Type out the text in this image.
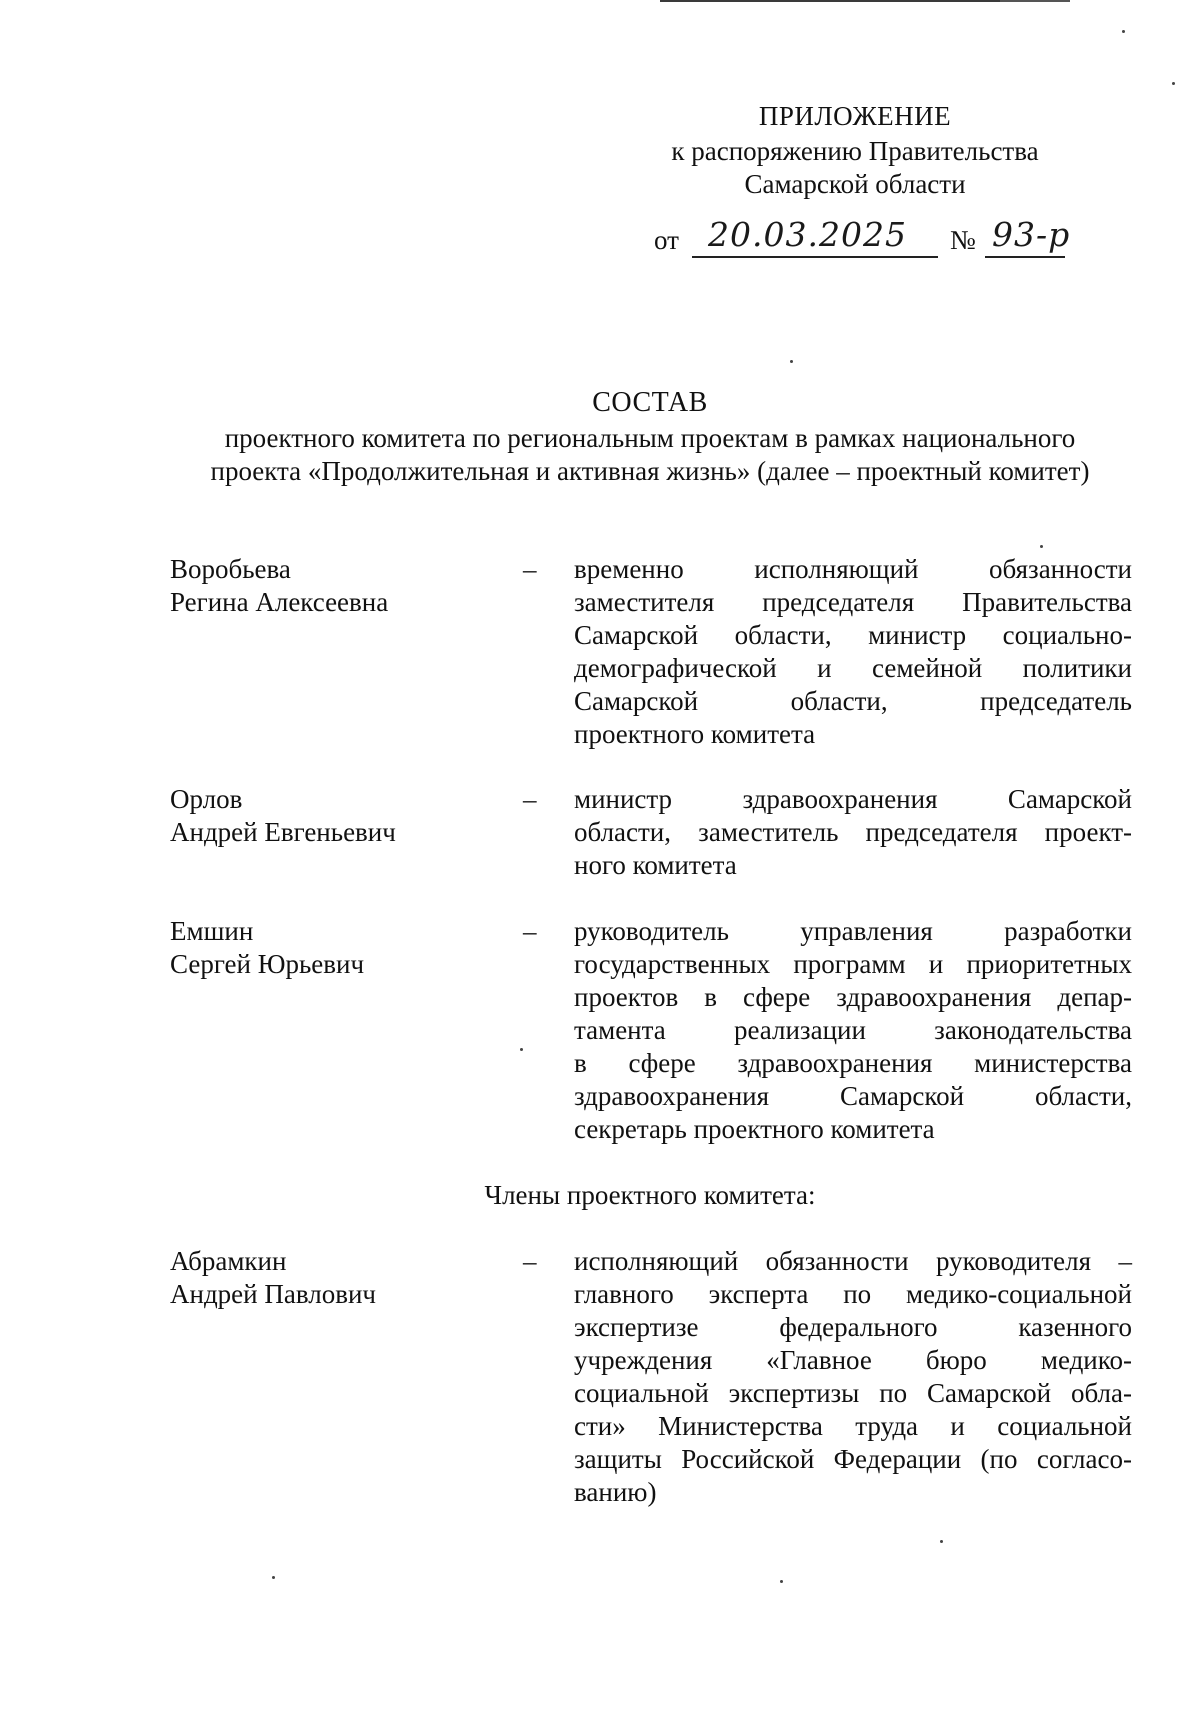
ПРИЛОЖЕНИЕ
к распоряжению Правительства
Самарской области
от 20.03.2025 № 93-р
СОСТАВ
проектного комитета по региональным проектам в рамках национального
проекта «Продолжительная и активная жизнь» (далее – проектный комитет)
Воробьева
Регина Алексеевна
– временно исполняющий обязанности
заместителя председателя Правительства
Самарской области, министр социально-
демографической и семейной политики
Самарской области, председатель
проектного комитета
Орлов
Андрей Евгеньевич
– министр здравоохранения Самарской
области, заместитель председателя проект-
ного комитета
Емшин
Сергей Юрьевич
– руководитель управления разработки
государственных программ и приоритетных
проектов в сфере здравоохранения депар-
тамента реализации законодательства
в сфере здравоохранения министерства
здравоохранения Самарской области,
секретарь проектного комитета
Члены проектного комитета:
Абрамкин
Андрей Павлович
– исполняющий обязанности руководителя –
главного эксперта по медико-социальной
экспертизе федерального казенного
учреждения «Главное бюро медико-
социальной экспертизы по Самарской обла-
сти» Министерства труда и социальной
защиты Российской Федерации (по согласо-
ванию)
